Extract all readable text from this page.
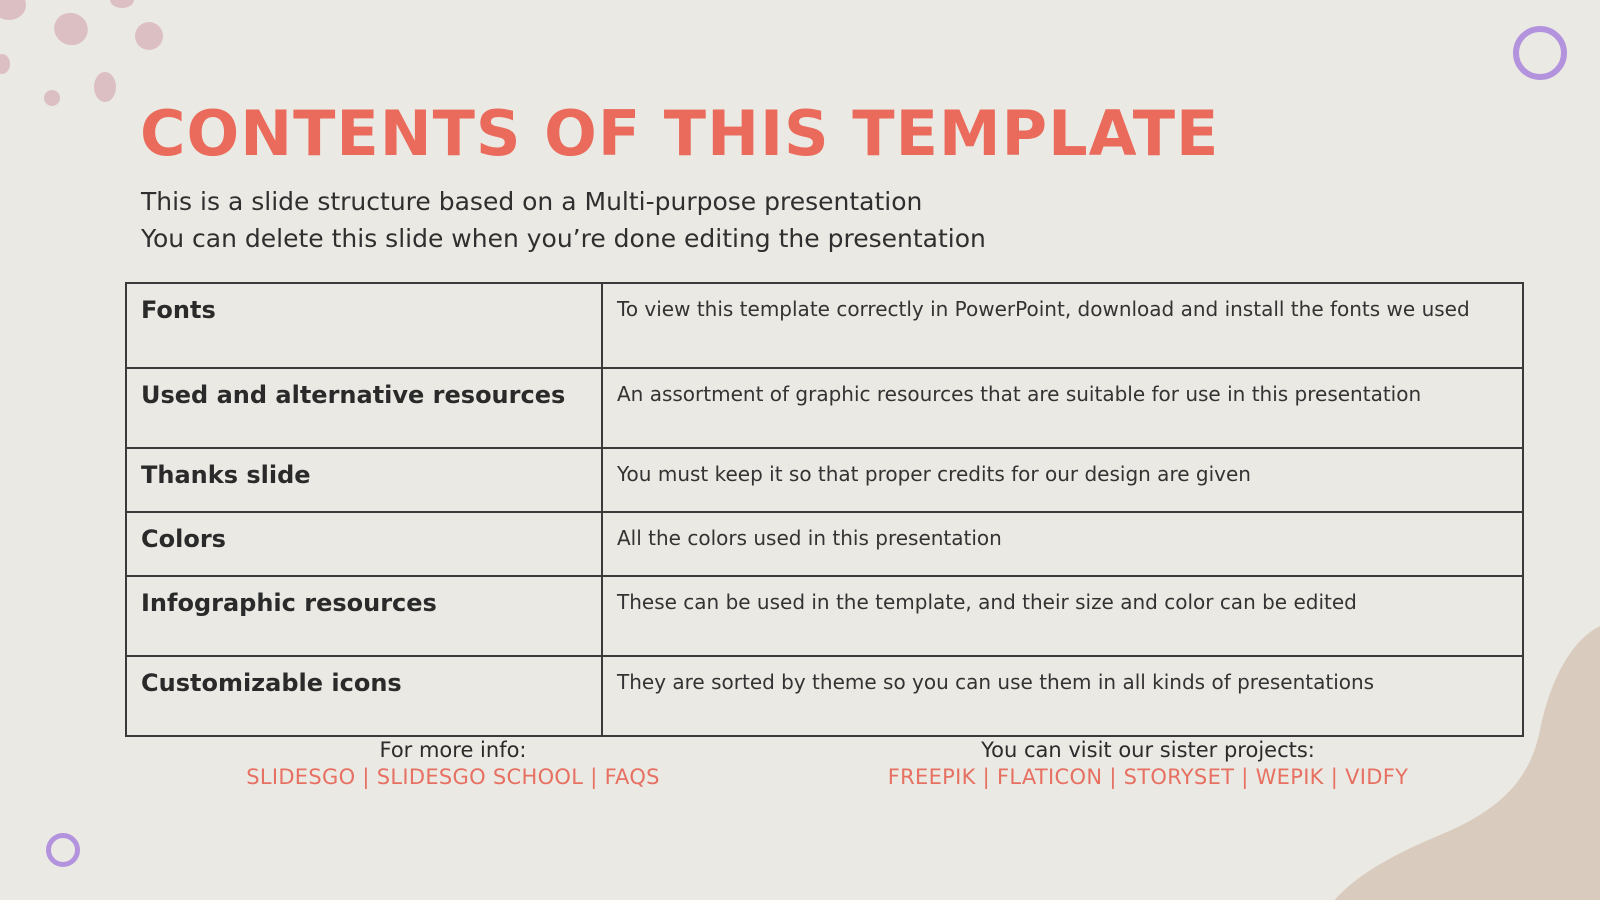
CONTENTS OF THIS TEMPLATE
This is a slide structure based on a Multi-purpose presentation
You can delete this slide when you’re done editing the presentation
Fonts	To view this template correctly in PowerPoint, download and install the fonts we used
Used and alternative resources	An assortment of graphic resources that are suitable for use in this presentation
Thanks slide	You must keep it so that proper credits for our design are given
Colors	All the colors used in this presentation
Infographic resources	These can be used in the template, and their size and color can be edited
Customizable icons	They are sorted by theme so you can use them in all kinds of presentations
For more info:
SLIDESGO | SLIDESGO SCHOOL | FAQS
You can visit our sister projects:
FREEPIK | FLATICON | STORYSET | WEPIK | VIDFY
